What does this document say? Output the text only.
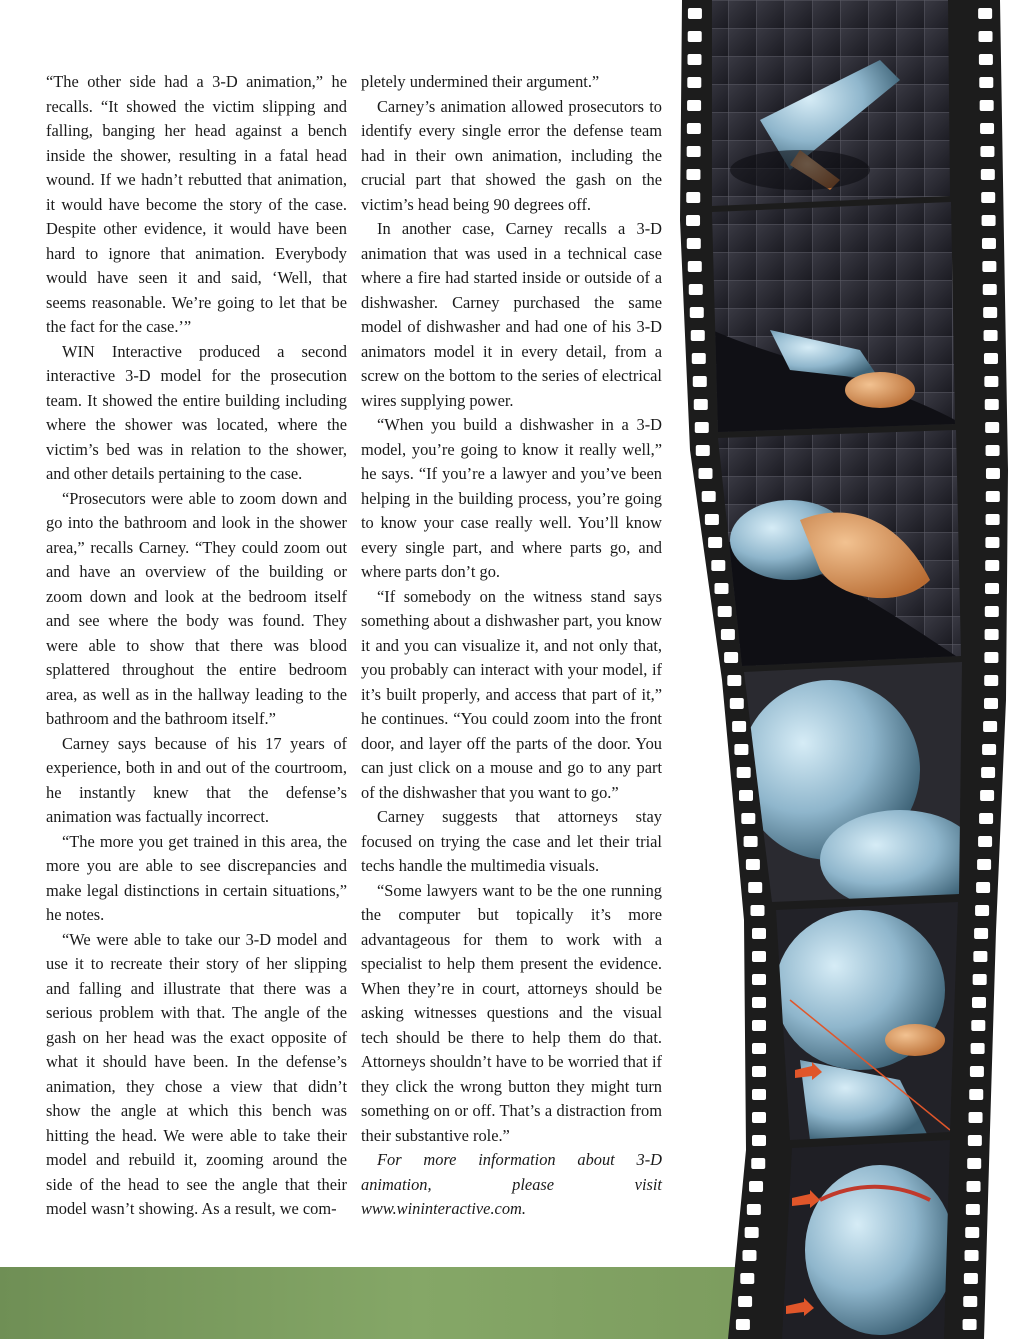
“The other side had a 3-D animation,” he recalls. “It showed the victim slipping and falling, banging her head against a bench inside the shower, resulting in a fatal head wound. If we hadn’t rebutted that animation, it would have become the story of the case. Despite other evidence, it would have been hard to ignore that animation. Everybody would have seen it and said, ‘Well, that seems reasonable. We’re going to let that be the fact for the case.’”

WIN Interactive produced a second interactive 3-D model for the prosecution team. It showed the entire building including where the shower was located, where the victim’s bed was in relation to the shower, and other details pertaining to the case.

“Prosecutors were able to zoom down and go into the bathroom and look in the shower area,” recalls Carney. “They could zoom out and have an overview of the building or zoom down and look at the bedroom itself and see where the body was found. They were able to show that there was blood splattered throughout the entire bedroom area, as well as in the hallway leading to the bathroom and the bathroom itself.”

Carney says because of his 17 years of experience, both in and out of the courtroom, he instantly knew that the defense’s animation was factually incorrect.

“The more you get trained in this area, the more you are able to see discrepancies and make legal distinctions in certain situations,” he notes.

“We were able to take our 3-D model and use it to recreate their story of her slipping and falling and illustrate that there was a serious problem with that. The angle of the gash on her head was the exact opposite of what it should have been. In the defense’s animation, they chose a view that didn’t show the angle at which this bench was hitting the head. We were able to take their model and rebuild it, zooming around the side of the head to see the angle that their model wasn’t showing. As a result, we com-

pletely undermined their argument.”

Carney’s animation allowed prosecutors to identify every single error the defense team had in their own animation, including the crucial part that showed the gash on the victim’s head being 90 degrees off.

In another case, Carney recalls a 3-D animation that was used in a technical case where a fire had started inside or outside of a dishwasher. Carney purchased the same model of dishwasher and had one of his 3-D animators model it in every detail, from a screw on the bottom to the series of electrical wires supplying power.

“When you build a dishwasher in a 3-D model, you’re going to know it really well,” he says. “If you’re a lawyer and you’ve been helping in the building process, you’re going to know your case really well. You’ll know every single part, and where parts go, and where parts don’t go.

“If somebody on the witness stand says something about a dishwasher part, you know it and you can visualize it, and not only that, you probably can interact with your model, if it’s built properly, and access that part of it,” he continues. “You could zoom into the front door, and layer off the parts of the door. You can just click on a mouse and go to any part of the dishwasher that you want to go.”

Carney suggests that attorneys stay focused on trying the case and let their trial techs handle the multimedia visuals.

“Some lawyers want to be the one running the computer but topically it’s more advantageous for them to work with a specialist to help them present the evidence. When they’re in court, attorneys should be asking witnesses questions and the visual tech should be there to help them do that. Attorneys shouldn’t have to be worried that if they click the wrong button they might turn something on or off. That’s a distraction from their substantive role.”

For more information about 3-D animation, please visit www.wininteractive.com.
